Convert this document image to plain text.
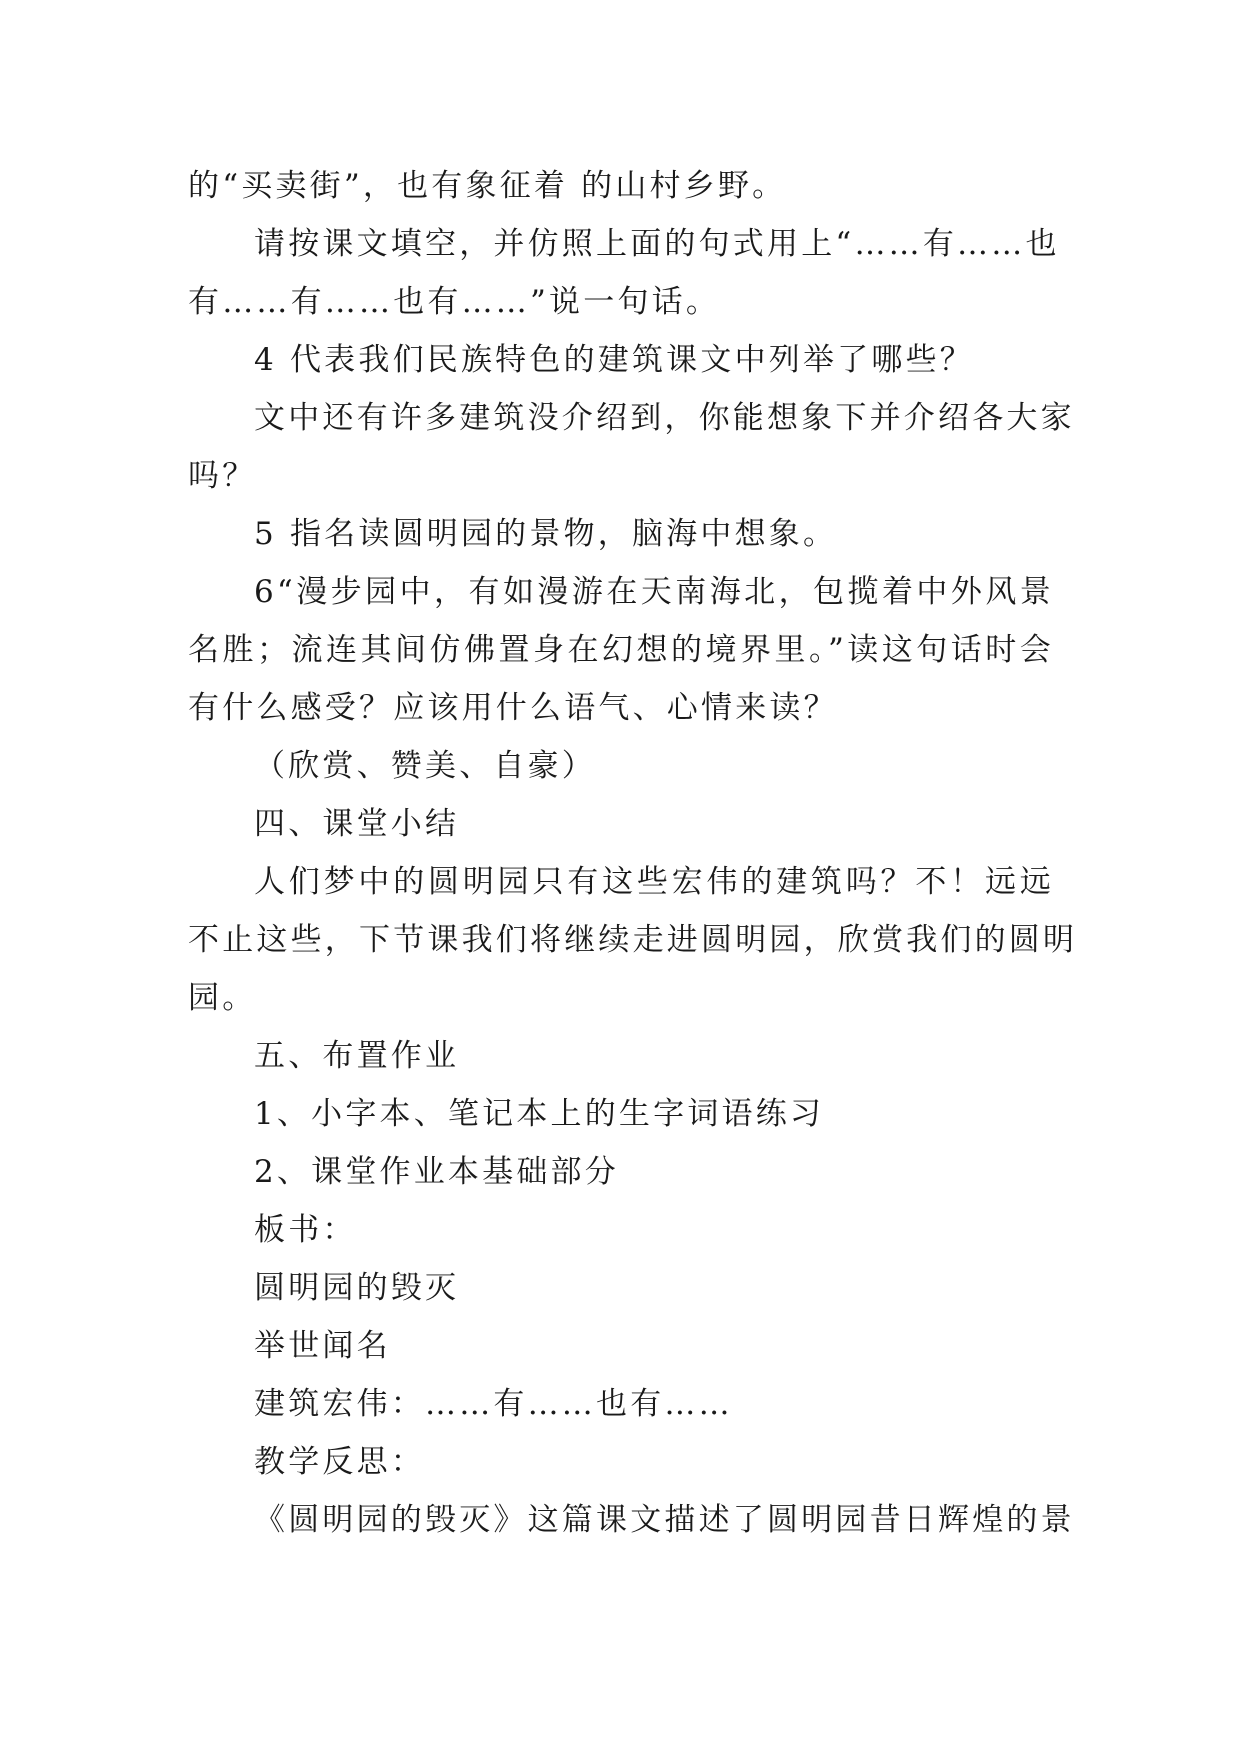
的“买卖街”，也有象征着 的山村乡野。
请按课文填空，并仿照上面的句式用上“……有……也
有……有……也有……”说一句话。
4 代表我们民族特色的建筑课文中列举了哪些？
文中还有许多建筑没介绍到，你能想象下并介绍各大家
吗？
5 指名读圆明园的景物，脑海中想象。
6“漫步园中，有如漫游在天南海北，包揽着中外风景
名胜；流连其间仿佛置身在幻想的境界里。”读这句话时会
有什么感受？应该用什么语气、心情来读？
（欣赏、赞美、自豪）
四、课堂小结
人们梦中的圆明园只有这些宏伟的建筑吗？不！远远
不止这些，下节课我们将继续走进圆明园，欣赏我们的圆明
园。
五、布置作业
1、小字本、笔记本上的生字词语练习
2、课堂作业本基础部分
板书：
圆明园的毁灭
举世闻名
建筑宏伟：……有……也有……
教学反思：
《圆明园的毁灭》这篇课文描述了圆明园昔日辉煌的景
